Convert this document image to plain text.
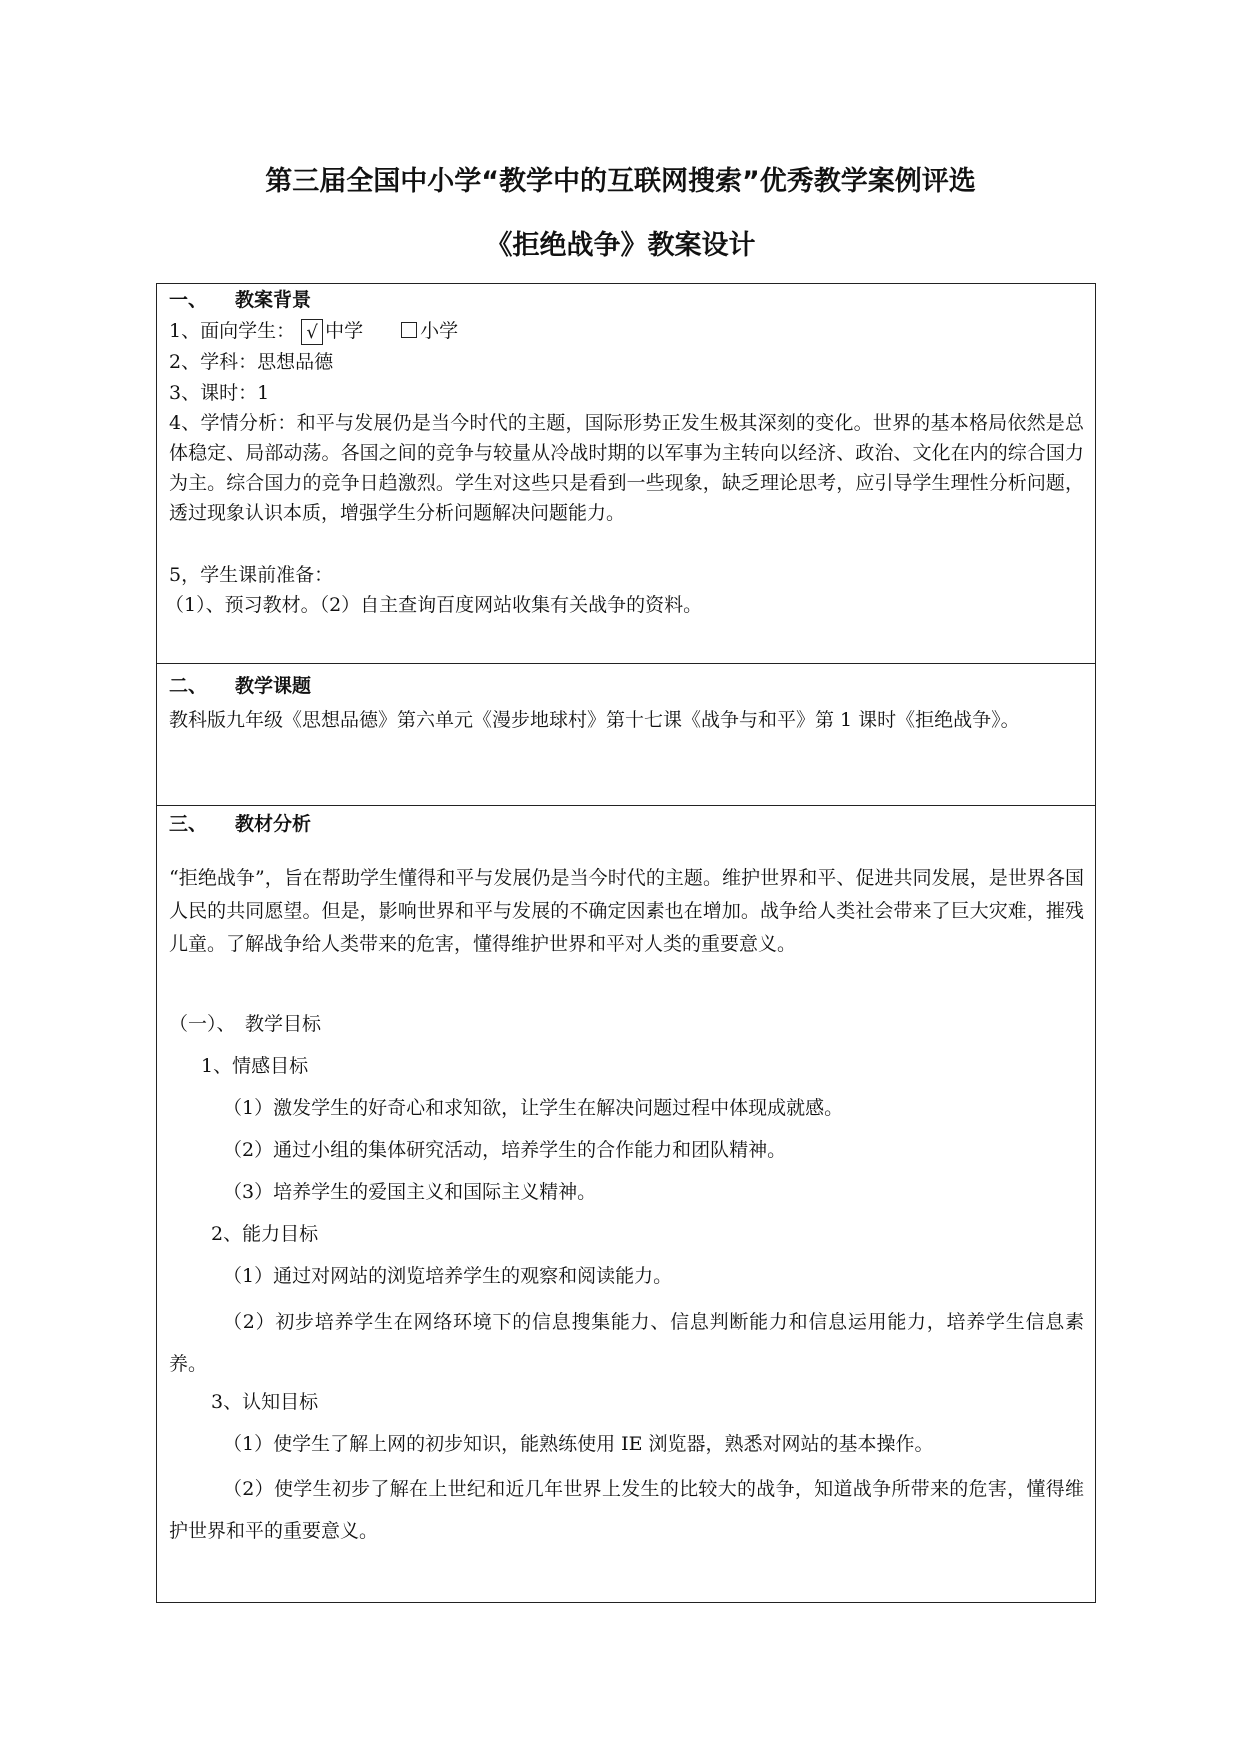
第三届全国中小学“教学中的互联网搜索”优秀教学案例评选
《拒绝战争》教案设计
一、 教案背景
1、面向学生： √ 中学	小学
2、学科：思想品德
3、课时：1
4、学情分析：和平与发展仍是当今时代的主题，国际形势正发生极其深刻的变化。世界的基本格局依然是总体稳定、局部动荡。各国之间的竞争与较量从冷战时期的以军事为主转向以经济、政治、文化在内的综合国力为主。综合国力的竞争日趋激烈。学生对这些只是看到一些现象，缺乏理论思考，应引导学生理性分析问题，透过现象认识本质，增强学生分析问题解决问题能力。
5，学生课前准备：
（1）、预习教材。（2）自主查询百度网站收集有关战争的资料。
二、 教学课题
教科版九年级《思想品德》第六单元《漫步地球村》第十七课《战争与和平》第 1 课时《拒绝战争》。
三、 教材分析
“拒绝战争”，旨在帮助学生懂得和平与发展仍是当今时代的主题。维护世界和平、促进共同发展，是世界各国人民的共同愿望。但是，影响世界和平与发展的不确定因素也在增加。战争给人类社会带来了巨大灾难，摧残儿童。了解战争给人类带来的危害，懂得维护世界和平对人类的重要意义。
（一）、　教学目标
1、情感目标
（1）激发学生的好奇心和求知欲，让学生在解决问题过程中体现成就感。
（2）通过小组的集体研究活动，培养学生的合作能力和团队精神。
（3）培养学生的爱国主义和国际主义精神。
2、能力目标
（1）通过对网站的浏览培养学生的观察和阅读能力。
（2）初步培养学生在网络环境下的信息搜集能力、信息判断能力和信息运用能力，培养学生信息素养。
3、认知目标
（1）使学生了解上网的初步知识，能熟练使用 IE 浏览器，熟悉对网站的基本操作。
（2）使学生初步了解在上世纪和近几年世界上发生的比较大的战争，知道战争所带来的危害，懂得维护世界和平的重要意义。
